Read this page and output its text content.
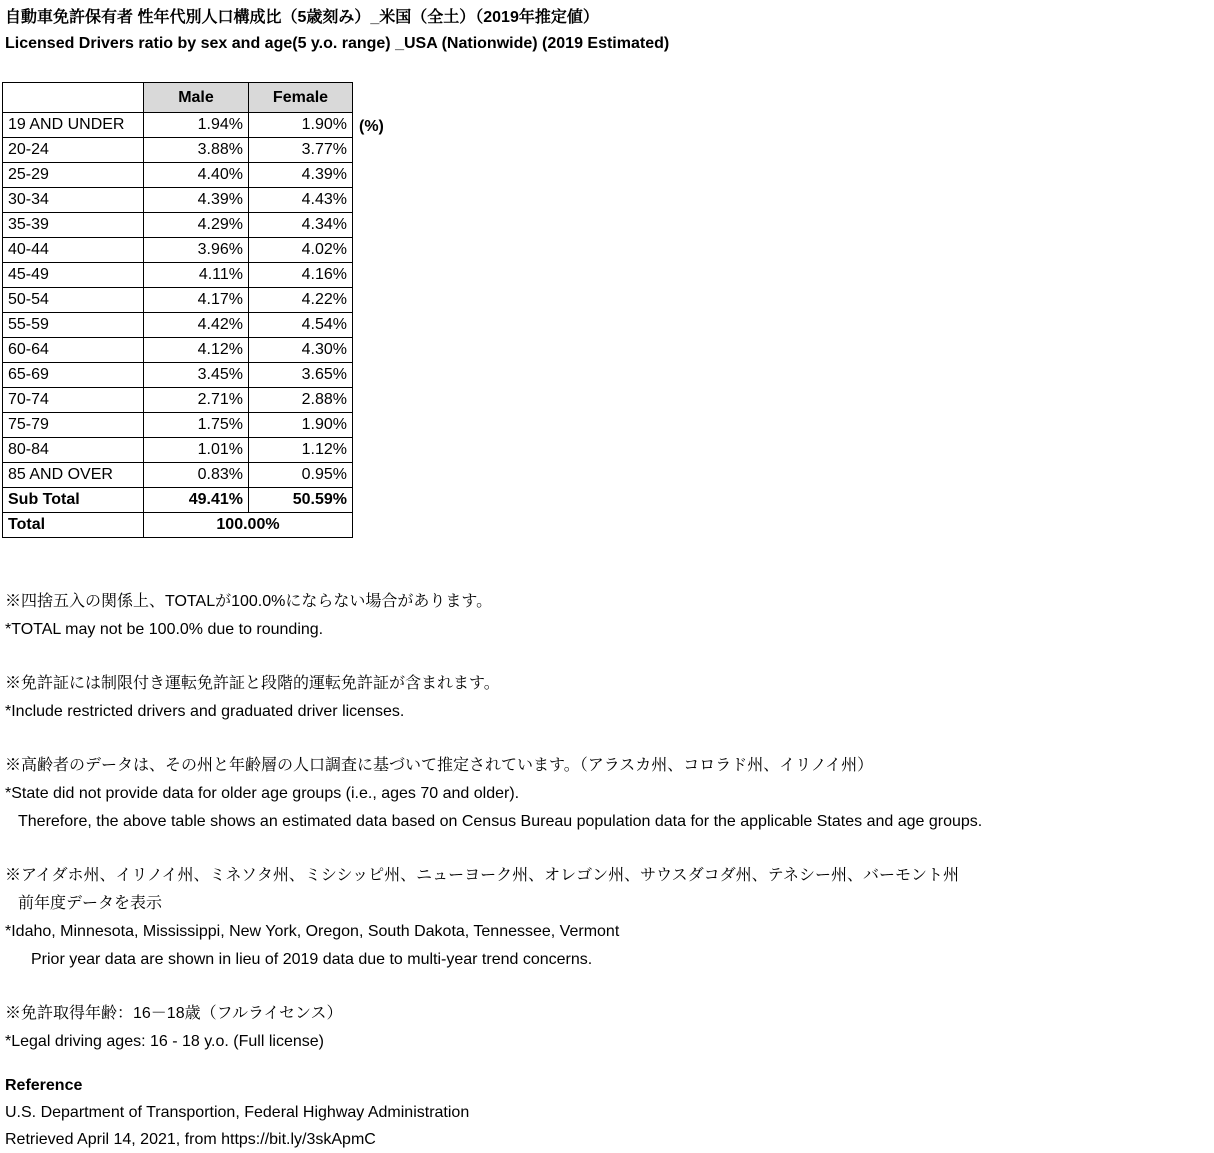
自動車免許保有者 性年代別人口構成比（5歳刻み）_米国（全土）（2019年推定値）
Licensed Drivers ratio by sex and age(5 y.o. range) _USA (Nationwide) (2019 Estimated)
	Male	Female
19 AND UNDER	1.94%	1.90%
20-24	3.88%	3.77%
25-29	4.40%	4.39%
30-34	4.39%	4.43%
35-39	4.29%	4.34%
40-44	3.96%	4.02%
45-49	4.11%	4.16%
50-54	4.17%	4.22%
55-59	4.42%	4.54%
60-64	4.12%	4.30%
65-69	3.45%	3.65%
70-74	2.71%	2.88%
75-79	1.75%	1.90%
80-84	1.01%	1.12%
85 AND OVER	0.83%	0.95%
Sub Total	49.41%	50.59%
Total	100.00%	
(%)
※四捨五入の関係上、TOTALが100.0%にならない場合があります。
*TOTAL may not be 100.0% due to rounding.
※免許証には制限付き運転免許証と段階的運転免許証が含まれます。
*Include restricted drivers and graduated driver licenses.
※高齢者のデータは、その州と年齢層の人口調査に基づいて推定されています。（アラスカ州、コロラド州、イリノイ州）
*State did not provide data for older age groups (i.e., ages 70 and older).
Therefore, the above table shows an estimated data based on Census Bureau population data for the applicable States and age groups.
※アイダホ州、イリノイ州、ミネソタ州、ミシシッピ州、ニューヨーク州、オレゴン州、サウスダコダ州、テネシー州、バーモント州
前年度データを表示
*Idaho, Minnesota, Mississippi, New York, Oregon, South Dakota, Tennessee, Vermont
Prior year data are shown in lieu of 2019 data due to multi-year trend concerns.
※免許取得年齢：16－18歳（フルライセンス）
*Legal driving ages: 16 - 18 y.o. (Full license)
Reference
U.S. Department of Transportion, Federal Highway Administration
Retrieved April 14, 2021, from https://bit.ly/3skApmC
